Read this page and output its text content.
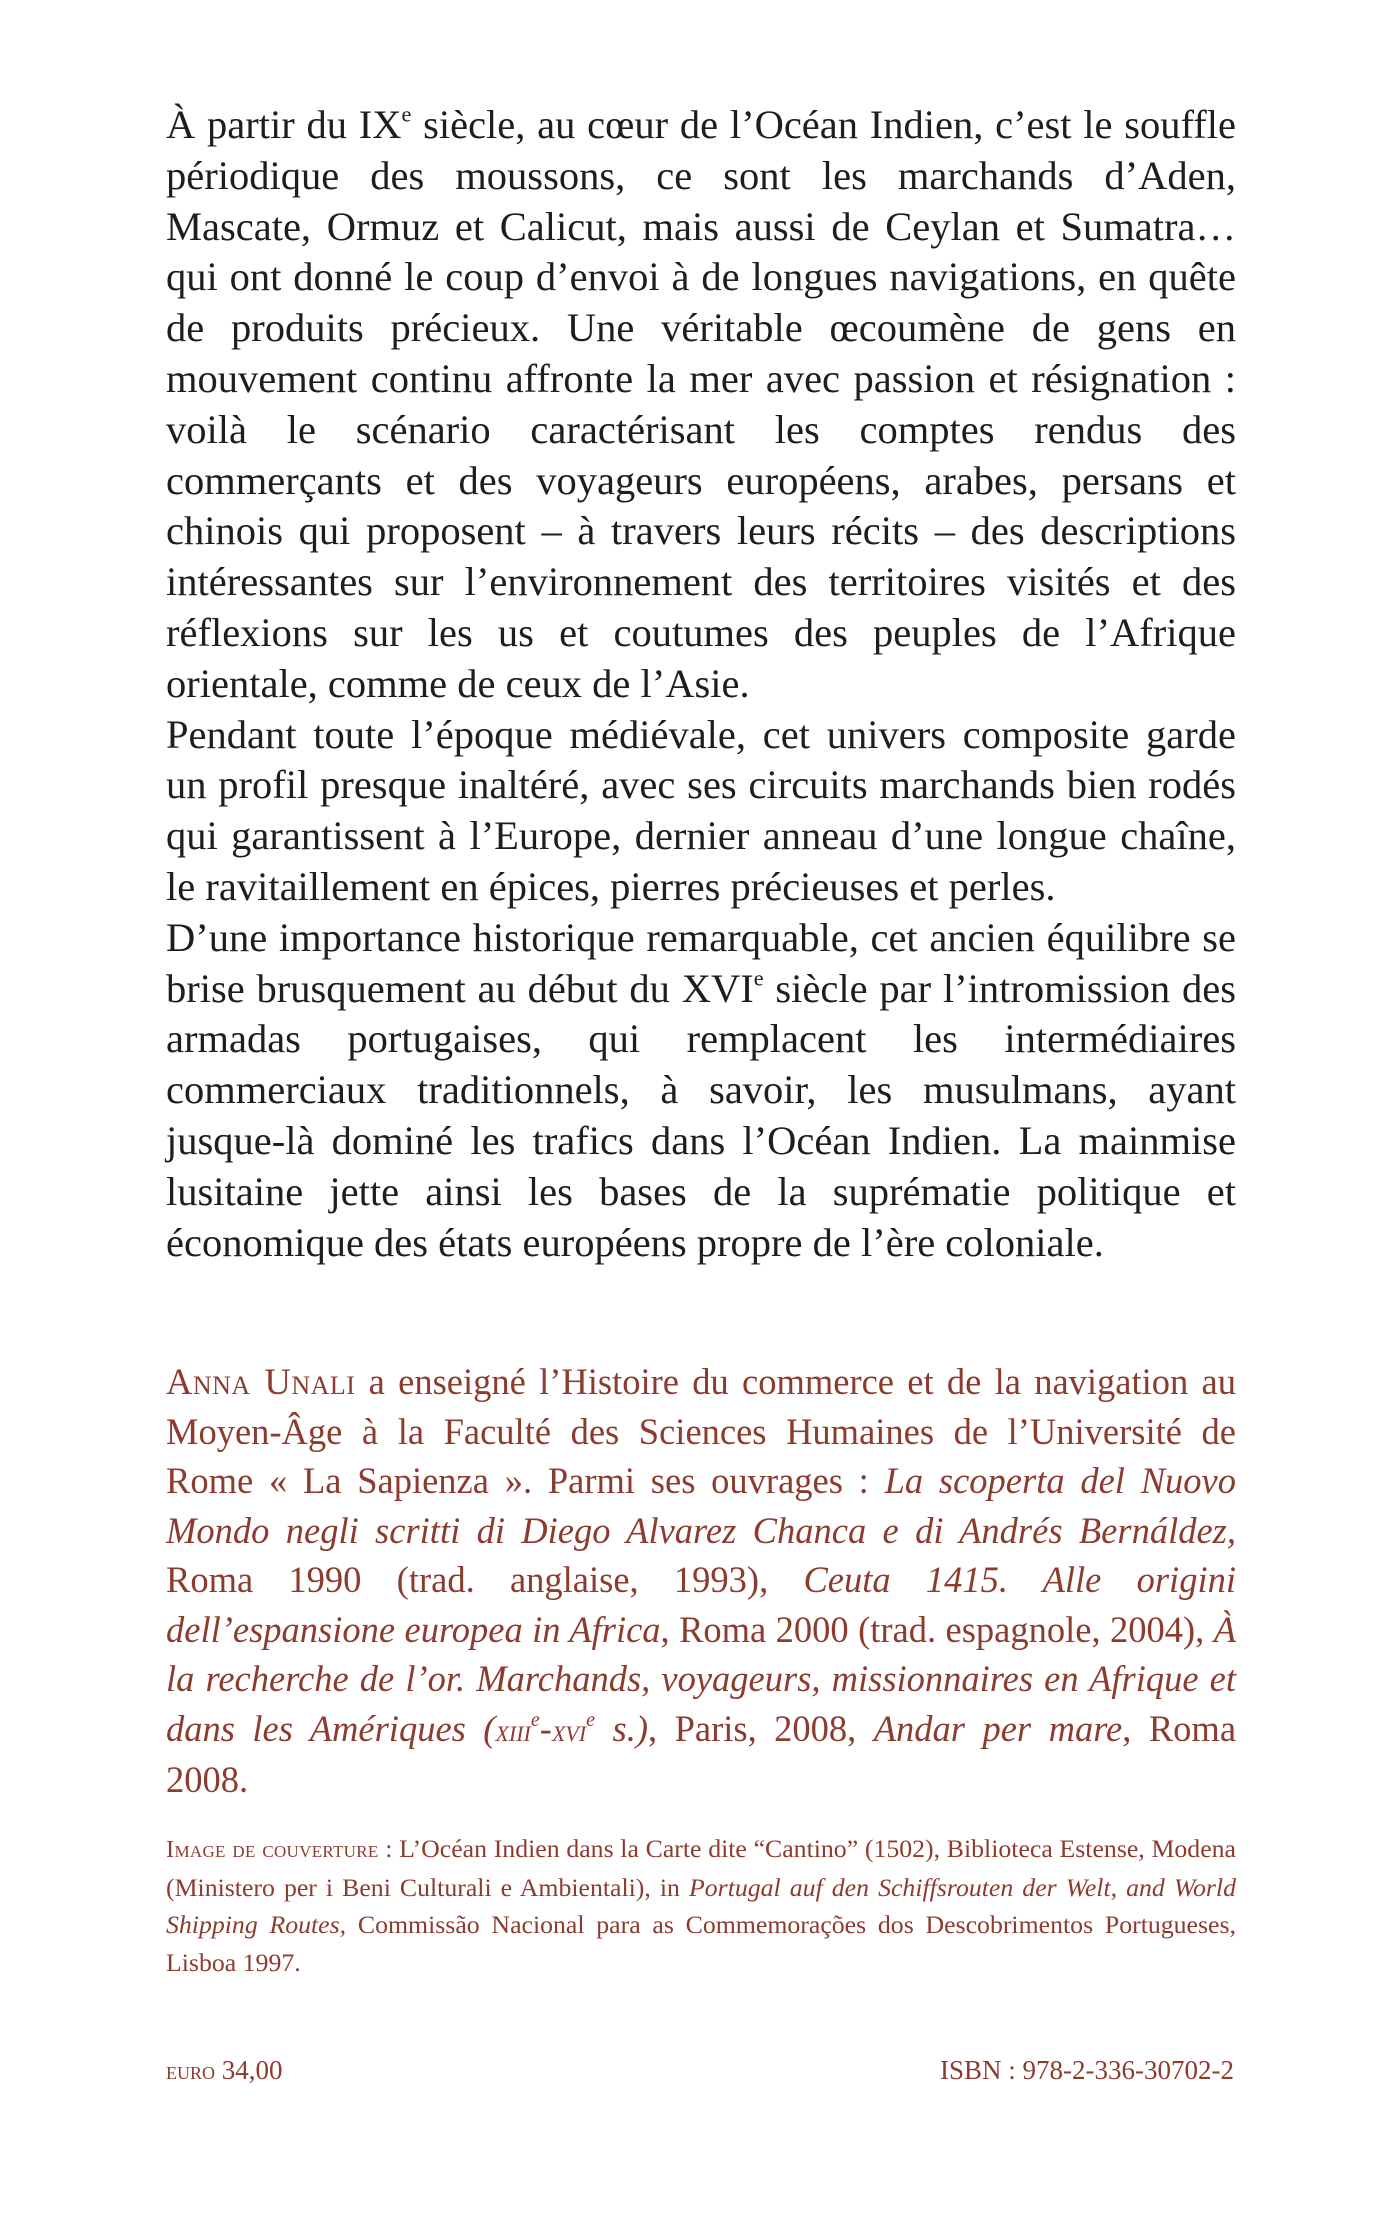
À partir du IXe siècle, au cœur de l’Océan Indien, c’est le souffle périodique des moussons, ce sont les marchands d’Aden, Mascate, Ormuz et Calicut, mais aussi de Ceylan et Sumatra… qui ont donné le coup d’envoi à de longues navigations, en quête de produits précieux. Une véritable œcoumène de gens en mouvement continu affronte la mer avec passion et résignation : voilà le scénario caractérisant les comptes rendus des commerçants et des voyageurs européens, arabes, persans et chinois qui proposent – à travers leurs récits – des descriptions intéressantes sur l’environnement des territoires visités et des réflexions sur les us et coutumes des peuples de l’Afrique orientale, comme de ceux de l’Asie.

Pendant toute l’époque médiévale, cet univers composite garde un profil presque inaltéré, avec ses circuits marchands bien rodés qui garantissent à l’Europe, dernier anneau d’une longue chaîne, le ravitaillement en épices, pierres précieuses et perles.

D’une importance historique remarquable, cet ancien équilibre se brise brusquement au début du XVIe siècle par l’intromission des armadas portugaises, qui remplacent les intermédiaires commerciaux traditionnels, à savoir, les musulmans, ayant jusque-là dominé les trafics dans l’Océan Indien. La mainmise lusitaine jette ainsi les bases de la suprématie politique et économique des états européens propre de l’ère coloniale.

Anna Unali a enseigné l’Histoire du commerce et de la navigation au Moyen-Âge à la Faculté des Sciences Humaines de l’Université de Rome « La Sapienza ». Parmi ses ouvrages : La scoperta del Nuovo Mondo negli scritti di Diego Alvarez Chanca e di Andrés Bernáldez, Roma 1990 (trad. anglaise, 1993), Ceuta 1415. Alle origini dell’espansione europea in Africa, Roma 2000 (trad. espagnole, 2004), À la recherche de l’or. Marchands, voyageurs, missionnaires en Afrique et dans les Amériques (xiii$^e$-xvi$^e$ s.), Paris, 2008, Andar per mare, Roma 2008.

Image de couverture : L’Océan Indien dans la Carte dite “Cantino” (1502), Biblioteca Estense, Modena (Ministero per i Beni Culturali e Ambientali), in Portugal auf den Schiffsrouten der Welt, and World Shipping Routes, Commissão Nacional para as Commemorações dos Descobrimentos Portugueses, Lisboa 1997.

euro 34,00	ISBN : 978-2-336-30702-2
